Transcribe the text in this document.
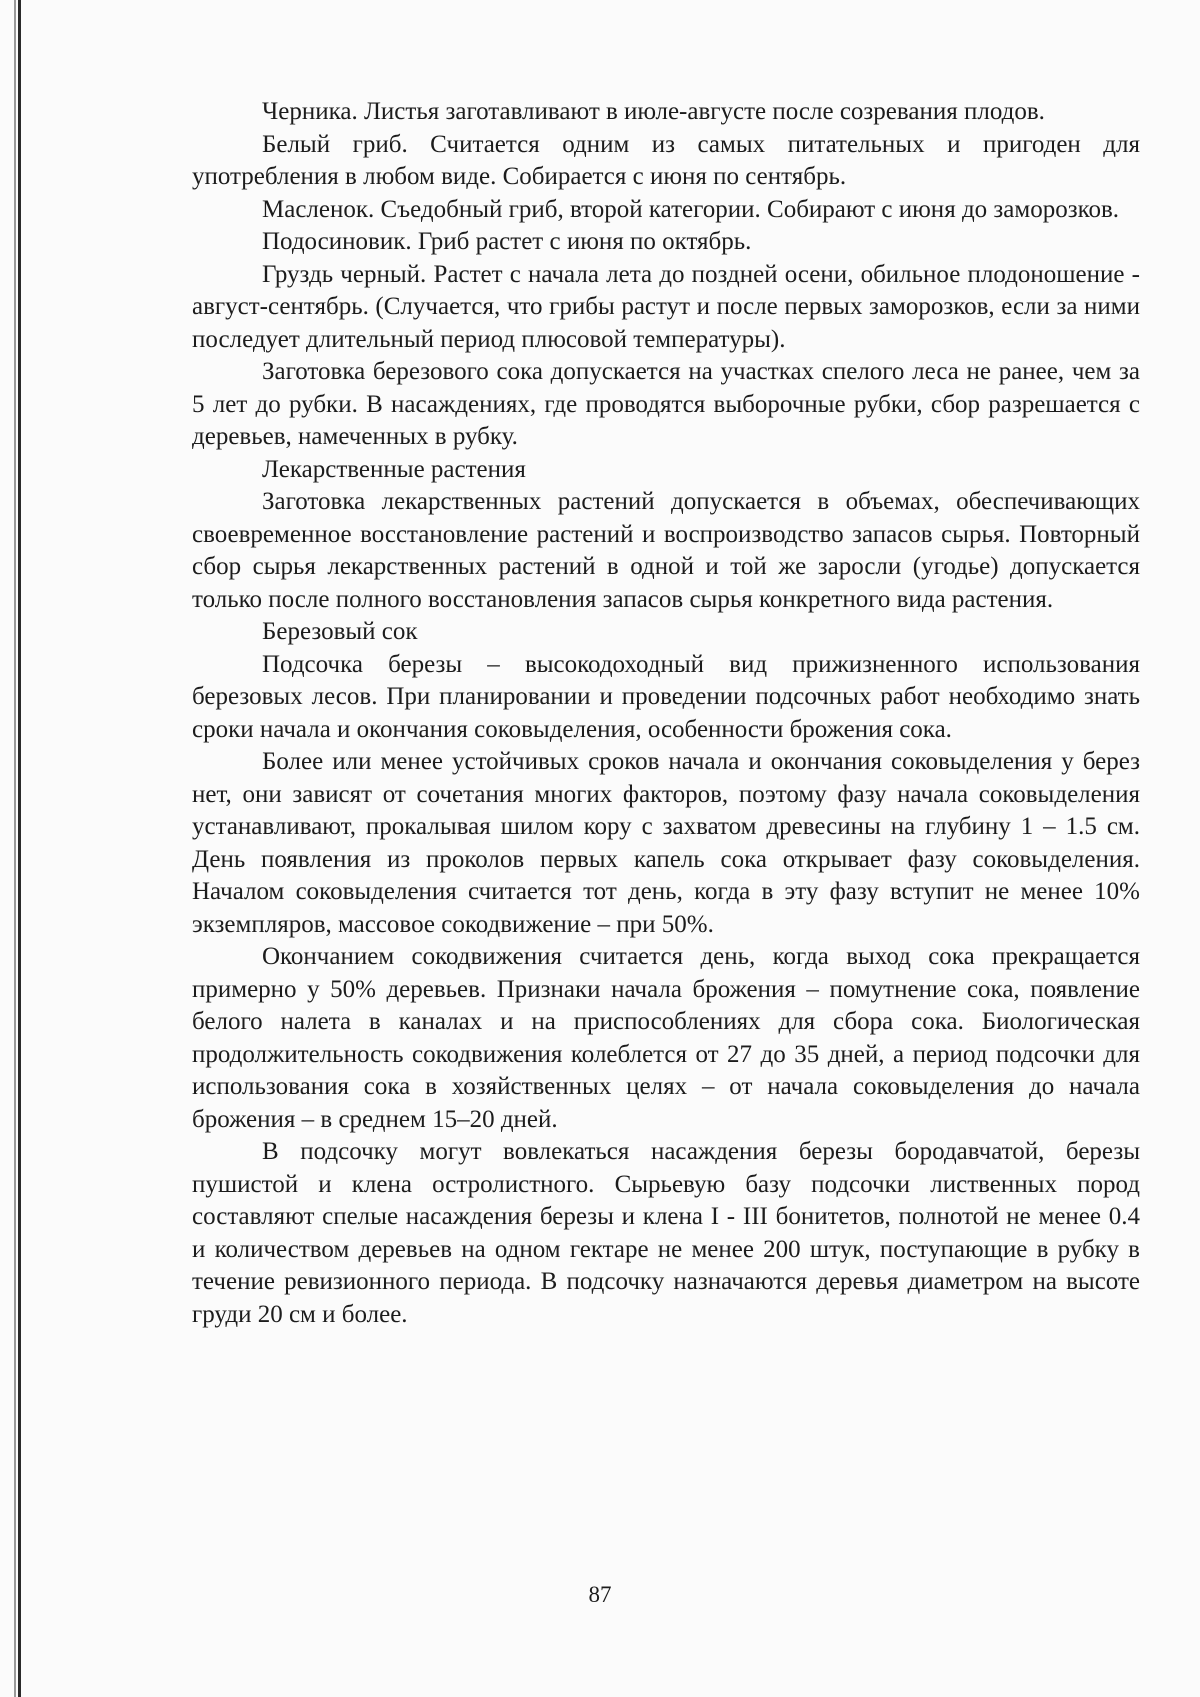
Черника. Листья заготавливают в июле-августе после созревания плодов.

Белый гриб. Считается одним из самых питательных и пригоден для употребления в любом виде. Собирается с июня по сентябрь.

Масленок. Съедобный гриб, второй категории. Собирают с июня до заморозков.

Подосиновик. Гриб растет с июня по октябрь.

Груздь черный. Растет с начала лета до поздней осени, обильное плодоношение - август-сентябрь. (Случается, что грибы растут и после первых заморозков, если за ними последует длительный период плюсовой температуры).

Заготовка березового сока допускается на участках спелого леса не ранее, чем за 5 лет до рубки. В насаждениях, где проводятся выборочные рубки, сбор разрешается с деревьев, намеченных в рубку.

Лекарственные растения

Заготовка лекарственных растений допускается в объемах, обеспечивающих своевременное восстановление растений и воспроизводство запасов сырья. Повторный сбор сырья лекарственных растений в одной и той же заросли (угодье) допускается только после полного восстановления запасов сырья конкретного вида растения.

Березовый сок

Подсочка березы – высокодоходный вид прижизненного использования березовых лесов. При планировании и проведении подсочных работ необходимо знать сроки начала и окончания соковыделения, особенности брожения сока.

Более или менее устойчивых сроков начала и окончания соковыделения у берез нет, они зависят от сочетания многих факторов, поэтому фазу начала соковыделения устанавливают, прокалывая шилом кору с захватом древесины на глубину 1 – 1.5 см. День появления из проколов первых капель сока открывает фазу соковыделения. Началом соковыделения считается тот день, когда в эту фазу вступит не менее 10% экземпляров, массовое сокодвижение – при 50%.

Окончанием сокодвижения считается день, когда выход сока прекращается примерно у 50% деревьев. Признаки начала брожения – помутнение сока, появление белого налета в каналах и на приспособлениях для сбора сока. Биологическая продолжительность сокодвижения колеблется от 27 до 35 дней, а период подсочки для использования сока в хозяйственных целях – от начала соковыделения до начала брожения – в среднем 15–20 дней.

В подсочку могут вовлекаться насаждения березы бородавчатой, березы пушистой и клена остролистного. Сырьевую базу подсочки лиственных пород составляют спелые насаждения березы и клена I - III бонитетов, полнотой не менее 0.4 и количеством деревьев на одном гектаре не менее 200 штук, поступающие в рубку в течение ревизионного периода. В подсочку назначаются деревья диаметром на высоте груди 20 см и более.

87
